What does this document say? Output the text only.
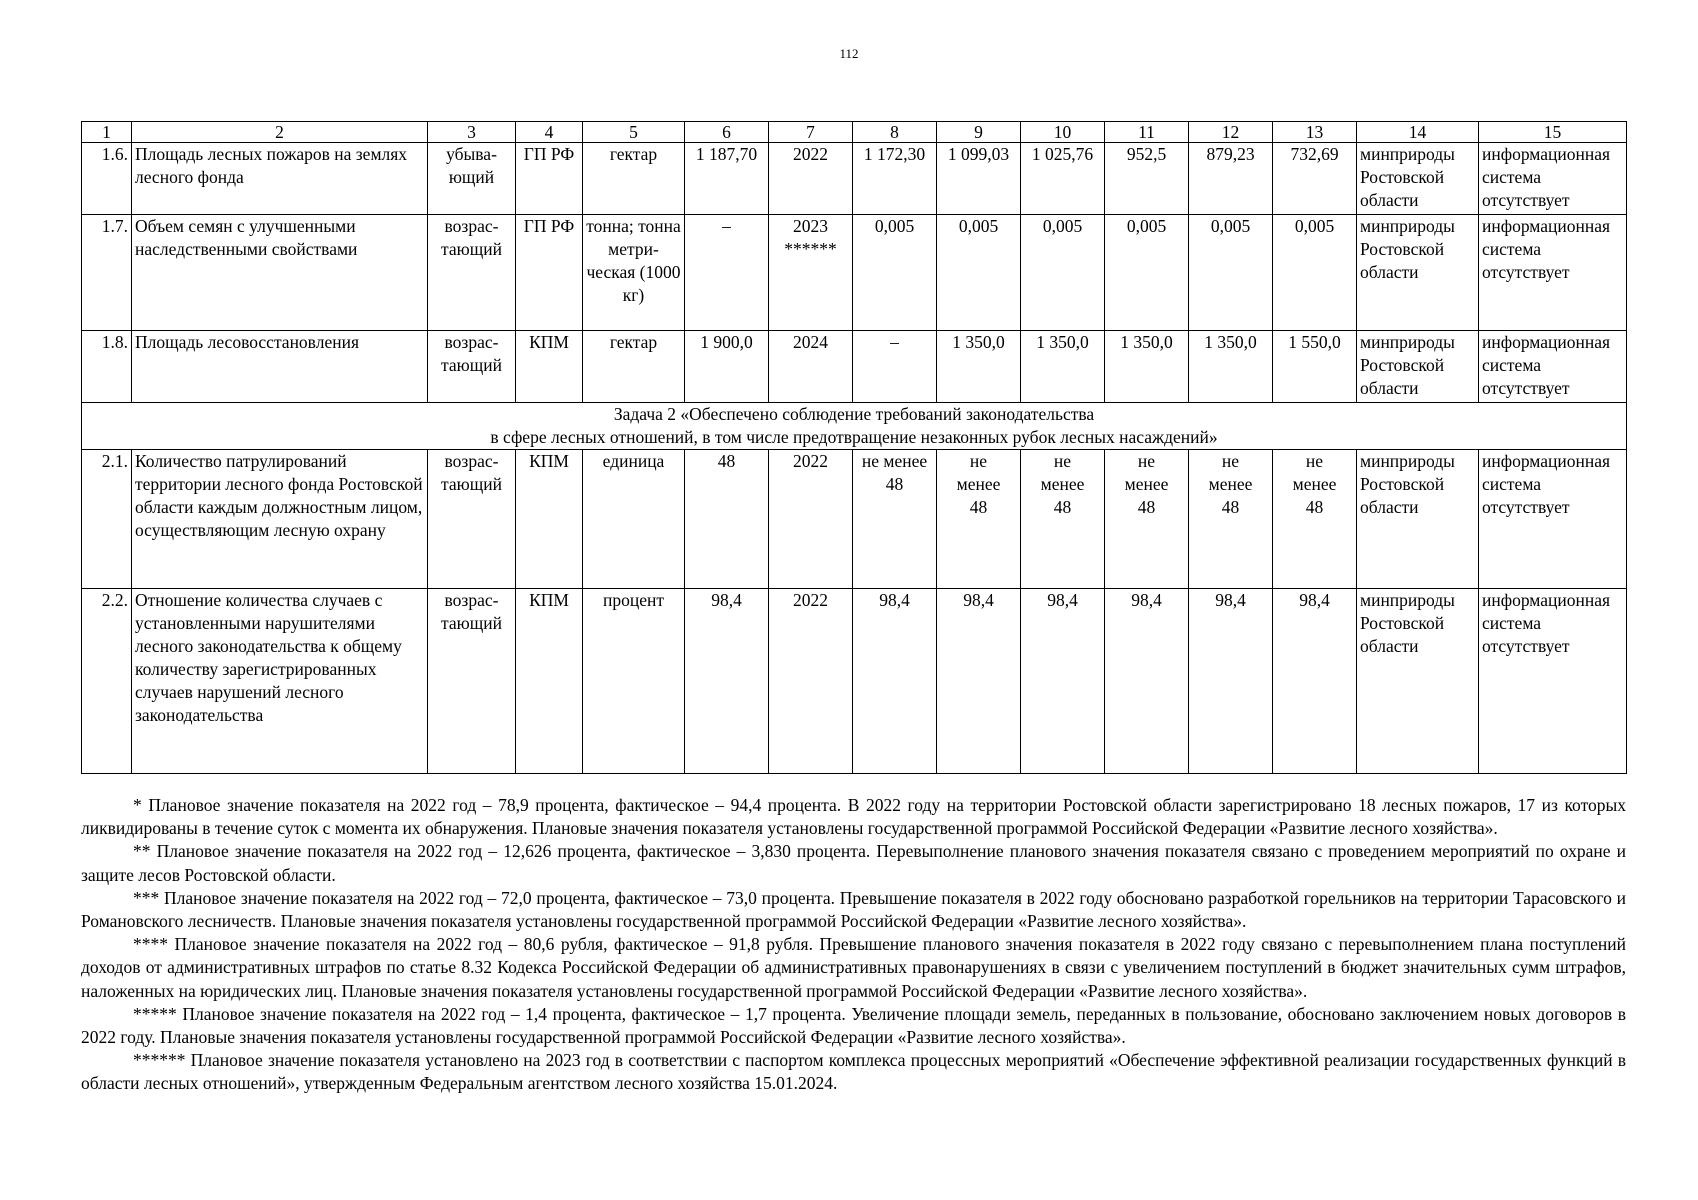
112
1	2	3	4	5	6	7	8	9	10	11	12	13	14	15
1.6.	Площадь лесных пожаров на землях лесного фонда	убыва-ющий	ГП РФ	гектар	1 187,70	2022	1 172,30	1 099,03	1 025,76	952,5	879,23	732,69	минприроды Ростовской области	информационная система отсутствует
1.7.	Объем семян с улучшенными наследственными свойствами	возрас-тающий	ГП РФ	тонна; тонна метри-ческая (1000 кг)	–	2023 ******	0,005	0,005	0,005	0,005	0,005	0,005	минприроды Ростовской области	информационная система отсутствует
1.8.	Площадь лесовосстановления	возрас-тающий	КПМ	гектар	1 900,0	2024	–	1 350,0	1 350,0	1 350,0	1 350,0	1 550,0	минприроды Ростовской области	информационная система отсутствует

Задача 2 «Обеспечено соблюдение требований законодательства
в сфере лесных отношений, в том числе предотвращение незаконных рубок лесных насаждений»														

2.1.	Количество патрулирований территории лесного фонда Ростовской области каждым должностным лицом, осуществляющим лесную охрану	возрас-тающий	КПМ	единица	48	2022	не менее 48	не менее 48	не менее 48	не менее 48	не менее 48	не менее 48	минприроды Ростовской области	информационная система отсутствует
2.2.	Отношение количества случаев с установленными нарушителями лесного законодательства к общему количеству зарегистрированных случаев нарушений лесного законодательства	возрас-тающий	КПМ	процент	98,4	2022	98,4	98,4	98,4	98,4	98,4	98,4	минприроды Ростовской области	информационная система отсутствует

* Плановое значение показателя на 2022 год – 78,9 процента, фактическое – 94,4 процента. В 2022 году на территории Ростовской области зарегистрировано 18 лесных пожаров, 17 из которых ликвидированы в течение суток с момента их обнаружения. Плановые значения показателя установлены государственной программой Российской Федерации «Развитие лесного хозяйства».

** Плановое значение показателя на 2022 год – 12,626 процента, фактическое – 3,830 процента. Перевыполнение планового значения показателя связано с проведением мероприятий по охране и защите лесов Ростовской области.

*** Плановое значение показателя на 2022 год – 72,0 процента, фактическое – 73,0 процента. Превышение показателя в 2022 году обосновано разработкой горельников на территории Тарасовского и Романовского лесничеств. Плановые значения показателя установлены государственной программой Российской Федерации «Развитие лесного хозяйства».

**** Плановое значение показателя на 2022 год – 80,6 рубля, фактическое – 91,8 рубля. Превышение планового значения показателя в 2022 году связано с перевыполнением плана поступлений доходов от административных штрафов по статье 8.32 Кодекса Российской Федерации об административных правонарушениях в связи с увеличением поступлений в бюджет значительных сумм штрафов, наложенных на юридических лиц. Плановые значения показателя установлены государственной программой Российской Федерации «Развитие лесного хозяйства».

***** Плановое значение показателя на 2022 год – 1,4 процента, фактическое – 1,7 процента. Увеличение площади земель, переданных в пользование, обосновано заключением новых договоров в 2022 году. Плановые значения показателя установлены государственной программой Российской Федерации «Развитие лесного хозяйства».

****** Плановое значение показателя установлено на 2023 год в соответствии с паспортом комплекса процессных мероприятий «Обеспечение эффективной реализации государственных функций в области лесных отношений», утвержденным Федеральным агентством лесного хозяйства 15.01.2024.
